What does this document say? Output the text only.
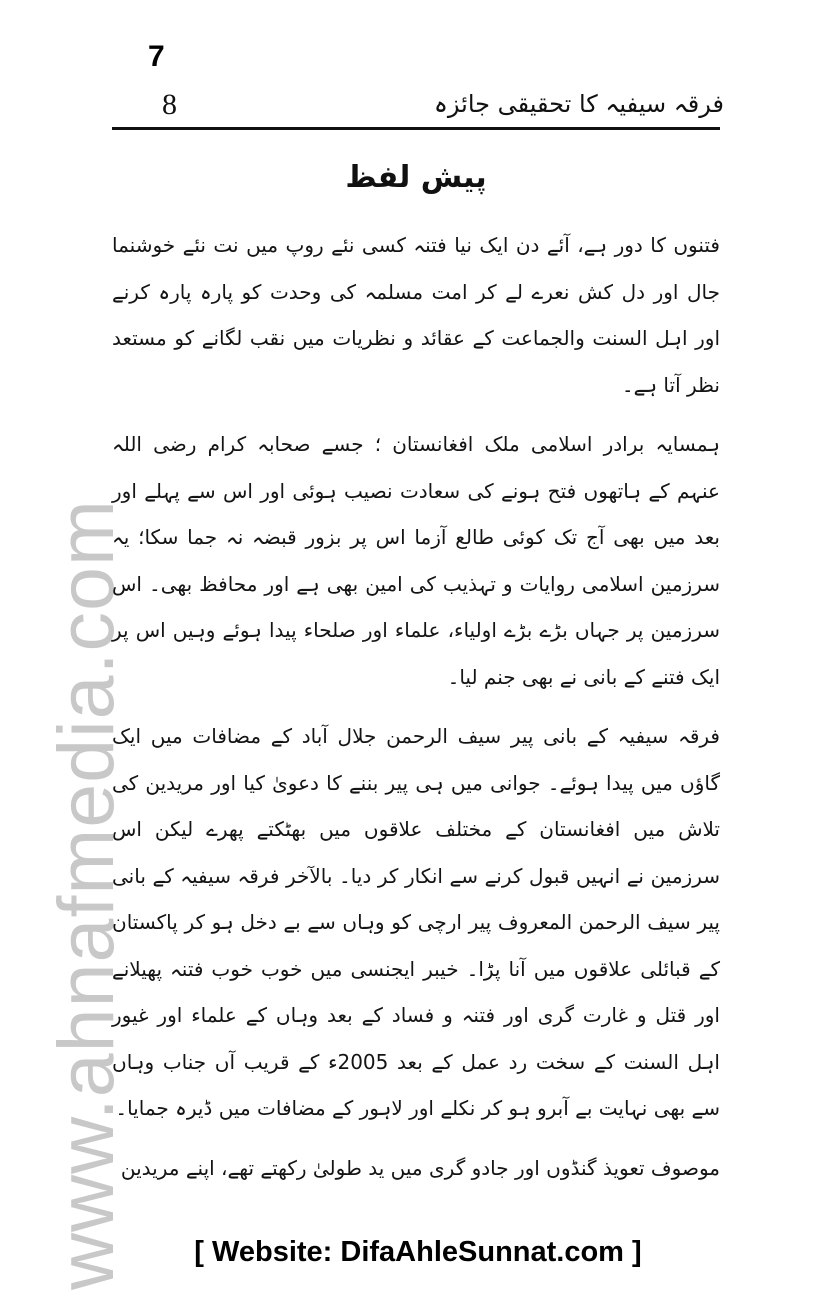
www.ahnafmedia.com
7
8	فرقہ سیفیہ کا تحقیقی جائزہ
پیش لفظ

فتنوں کا دور ہے، آئے دن ایک نیا فتنہ کسی نئے روپ میں نت نئے خوشنما جال اور دل کش نعرے لے کر امت مسلمہ کی وحدت کو پارہ پارہ کرنے اور اہل السنت والجماعت کے عقائد و نظریات میں نقب لگانے کو مستعد نظر آتا ہے۔

ہمسایہ برادر اسلامی ملک افغانستان ؛ جسے صحابہ کرام رضی اللہ عنہم کے ہاتھوں فتح ہونے کی سعادت نصیب ہوئی اور اس سے پہلے اور بعد میں بھی آج تک کوئی طالع آزما اس پر بزور قبضہ نہ جما سکا؛ یہ سرزمین اسلامی روایات و تہذیب کی امین بھی ہے اور محافظ بھی۔ اس سرزمین پر جہاں بڑے بڑے اولیاء، علماء اور صلحاء پیدا ہوئے وہیں اس پر ایک فتنے کے بانی نے بھی جنم لیا۔

فرقہ سیفیہ کے بانی پیر سیف الرحمن جلال آباد کے مضافات میں ایک گاؤں میں پیدا ہوئے۔ جوانی میں ہی پیر بننے کا دعویٰ کیا اور مریدین کی تلاش میں افغانستان کے مختلف علاقوں میں بھٹکتے پھرے لیکن اس سرزمین نے انہیں قبول کرنے سے انکار کر دیا۔ بالآخر فرقہ سیفیہ کے بانی پیر سیف الرحمن المعروف پیر ارچی کو وہاں سے بے دخل ہو کر پاکستان کے قبائلی علاقوں میں آنا پڑا۔ خیبر ایجنسی میں خوب خوب فتنہ پھیلانے اور قتل و غارت گری اور فتنہ و فساد کے بعد وہاں کے علماء اور غیور اہل السنت کے سخت رد عمل کے بعد 2005ء کے قریب آں جناب وہاں سے بھی نہایت بے آبرو ہو کر نکلے اور لاہور کے مضافات میں ڈیرہ جمایا۔

موصوف تعویذ گنڈوں اور جادو گری میں ید طولیٰ رکھتے تھے، اپنے مریدین

[ Website: DifaAhleSunnat.com ]
